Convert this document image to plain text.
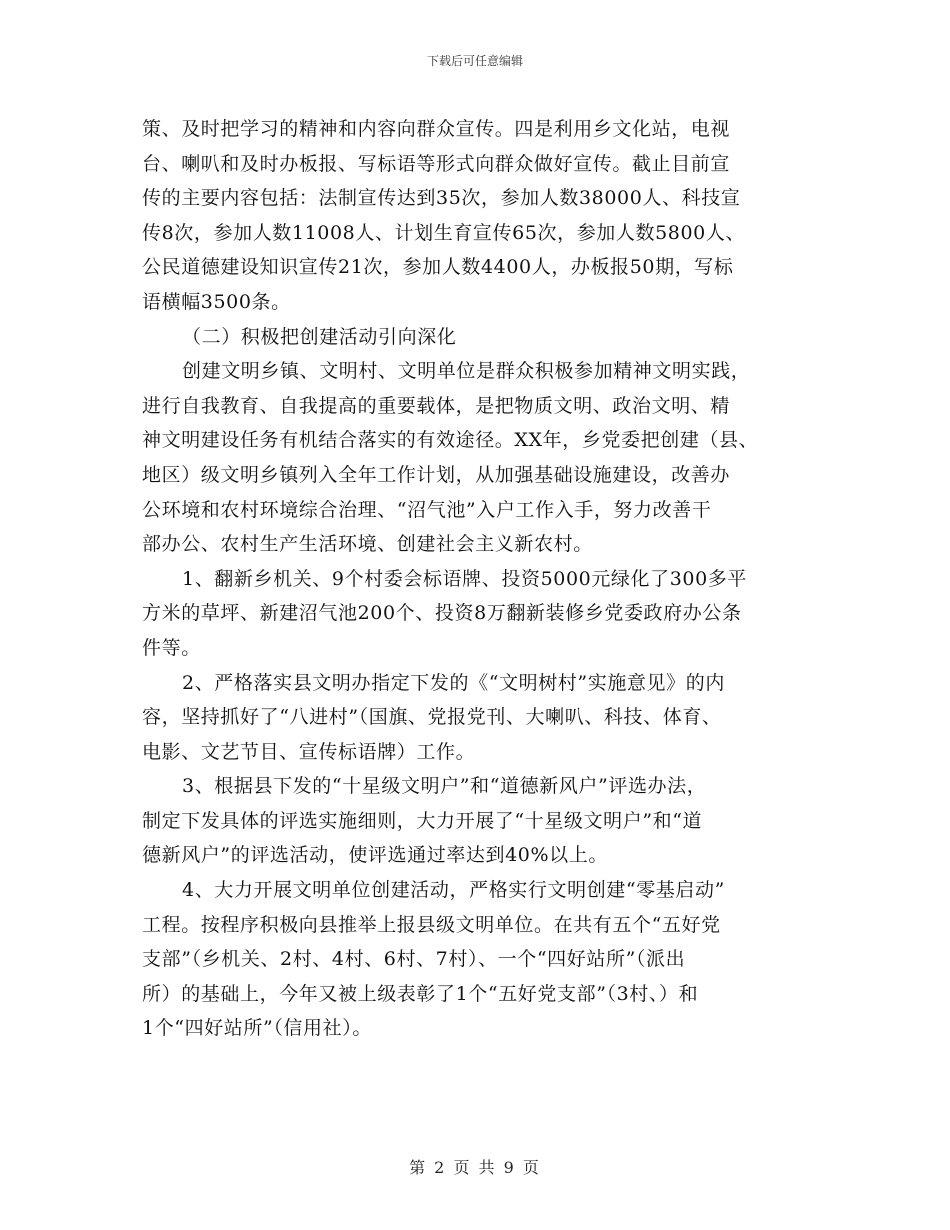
下载后可任意编辑
策、及时把学习的精神和内容向群众宣传。四是利用乡文化站，电视
台、喇叭和及时办板报、写标语等形式向群众做好宣传。截止目前宣
传的主要内容包括：法制宣传达到35次，参加人数38000人、科技宣
传8次，参加人数11008人、计划生育宣传65次，参加人数5800人、
公民道德建设知识宣传21次，参加人数4400人，办板报50期，写标
语横幅3500条。
（二）积极把创建活动引向深化
创建文明乡镇、文明村、文明单位是群众积极参加精神文明实践，
进行自我教育、自我提高的重要载体，是把物质文明、政治文明、精
神文明建设任务有机结合落实的有效途径。XX年，乡党委把创建（县、
地区）级文明乡镇列入全年工作计划，从加强基础设施建设，改善办
公环境和农村环境综合治理、“沼气池”入户工作入手，努力改善干
部办公、农村生产生活环境、创建社会主义新农村。
1、翻新乡机关、9个村委会标语牌、投资5000元绿化了300多平
方米的草坪、新建沼气池200个、投资8万翻新装修乡党委政府办公条
件等。
2、严格落实县文明办指定下发的《“文明树村”实施意见》的内
容，坚持抓好了“八进村”（国旗、党报党刊、大喇叭、科技、体育、
电影、文艺节目、宣传标语牌）工作。
3、根据县下发的“十星级文明户”和“道德新风户”评选办法，
制定下发具体的评选实施细则，大力开展了“十星级文明户”和“道
德新风户”的评选活动，使评选通过率达到40%以上。
4、大力开展文明单位创建活动，严格实行文明创建“零基启动”
工程。按程序积极向县推举上报县级文明单位。在共有五个“五好党
支部”（乡机关、2村、4村、6村、7村）、一个“四好站所”（派出
所）的基础上，今年又被上级表彰了1个“五好党支部”（3村、）和
1个“四好站所”（信用社）。
第 2 页 共 9 页
